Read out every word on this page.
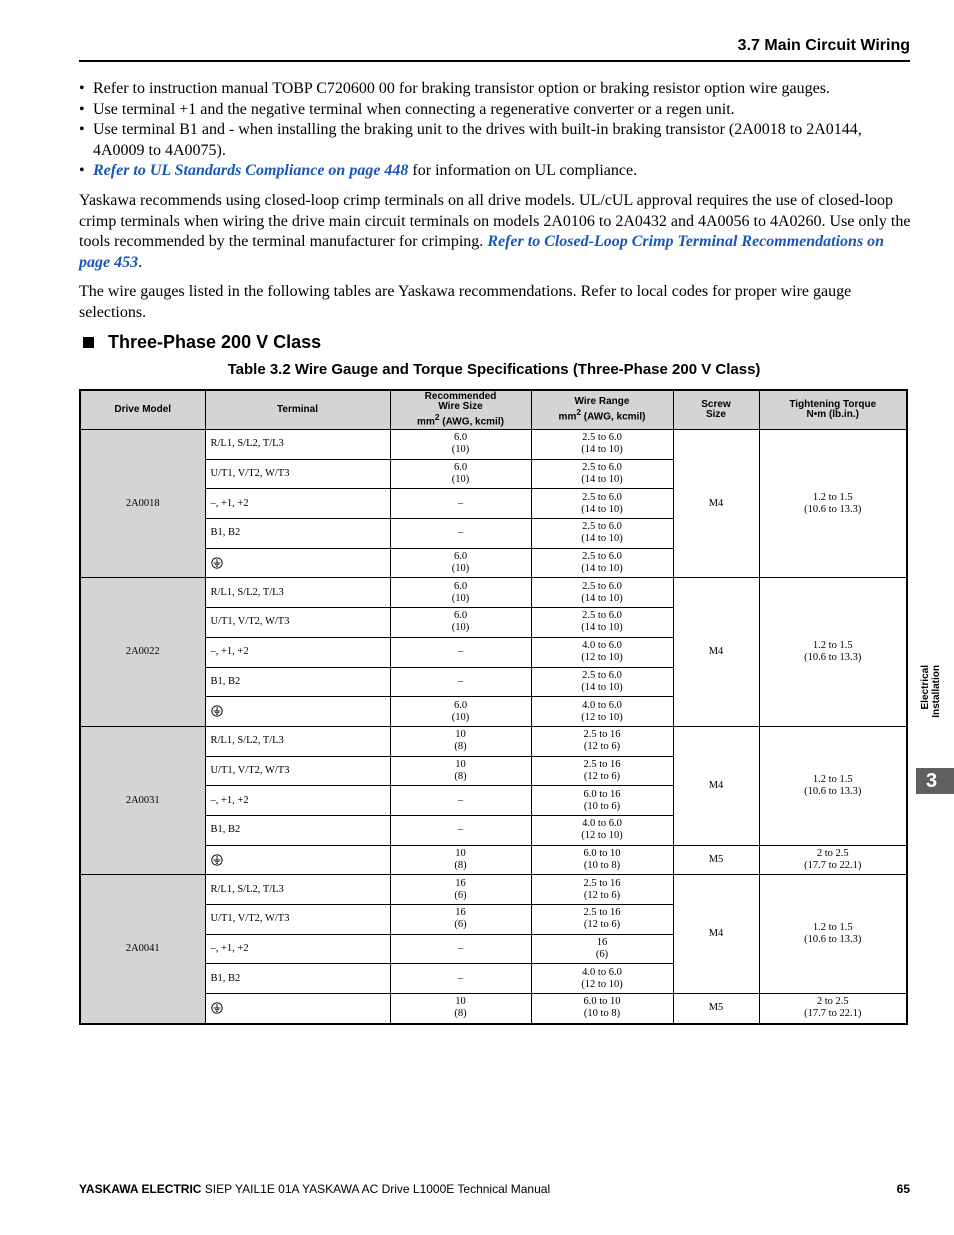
3.7 Main Circuit Wiring
• Refer to instruction manual TOBP C720600 00 for braking transistor option or braking resistor option wire gauges.
• Use terminal +1 and the negative terminal when connecting a regenerative converter or a regen unit.
• Use terminal B1 and - when installing the braking unit to the drives with built-in braking transistor (2A0018 to 2A0144, 4A0009 to 4A0075).
• Refer to UL Standards Compliance on page 448 for information on UL compliance.
Yaskawa recommends using closed-loop crimp terminals on all drive models. UL/cUL approval requires the use of closed-loop crimp terminals when wiring the drive main circuit terminals on models 2A0106 to 2A0432 and 4A0056 to 4A0260. Use only the tools recommended by the terminal manufacturer for crimping. Refer to Closed-Loop Crimp Terminal Recommendations on page 453.
The wire gauges listed in the following tables are Yaskawa recommendations. Refer to local codes for proper wire gauge selections.
Three-Phase 200 V Class
Table 3.2 Wire Gauge and Torque Specifications (Three-Phase 200 V Class)
Drive Model	Terminal	Recommended
Wire Size
$mm^2$ (AWG, kcmil)	Wire Range
$mm^2$ (AWG, kcmil)	Screw
Size	Tightening Torque
N•m (lb.in.)
2A0018	R/L1, S/L2, T/L3	6.0
(10)	2.5 to 6.0
(14 to 10)	M4	1.2 to 1.5
(10.6 to 13.3)
	U/T1, V/T2, W/T3	6.0
(10)	2.5 to 6.0
(14 to 10)		
	–, +1, +2	–	2.5 to 6.0
(14 to 10)		
	B1, B2	–	2.5 to 6.0
(14 to 10)		
	6.0
(10)	2.5 to 6.0
(14 to 10)		
2A0022	R/L1, S/L2, T/L3	6.0
(10)	2.5 to 6.0
(14 to 10)	M4	1.2 to 1.5
(10.6 to 13.3)
	U/T1, V/T2, W/T3	6.0
(10)	2.5 to 6.0
(14 to 10)		
	–, +1, +2	–	4.0 to 6.0
(12 to 10)		
	B1, B2	–	2.5 to 6.0
(14 to 10)		
	6.0
(10)	4.0 to 6.0
(12 to 10)		
2A0031	R/L1, S/L2, T/L3	10
(8)	2.5 to 16
(12 to 6)	M4	1.2 to 1.5
(10.6 to 13.3)
	U/T1, V/T2, W/T3	10
(8)	2.5 to 16
(12 to 6)		
	–, +1, +2	–	6.0 to 16
(10 to 6)		
	B1, B2	–	4.0 to 6.0
(12 to 10)		
	10
(8)	6.0 to 10
(10 to 8)	M5	2 to 2.5
(17.7 to 22.1)
2A0041	R/L1, S/L2, T/L3	16
(6)	2.5 to 16
(12 to 6)	M4	1.2 to 1.5
(10.6 to 13.3)
	U/T1, V/T2, W/T3	16
(6)	2.5 to 16
(12 to 6)		
	–, +1, +2	–	16
(6)		
	B1, B2	–	4.0 to 6.0
(12 to 10)		
	10
(8)	6.0 to 10
(10 to 8)	M5	2 to 2.5
(17.7 to 22.1)
Electrical Installation
3
YASKAWA ELECTRIC SIEP YAIL1E 01A YASKAWA AC Drive L1000E Technical Manual	65
